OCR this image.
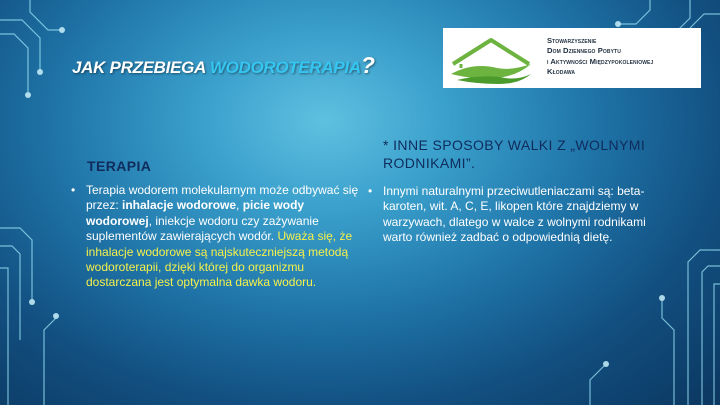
JAK PRZEBIEGA WODOROTERAPIA?
Stowarzyszenie
Dom Dziennego Pobytu
i Aktywności Międzypokoleniowej
Kłodawa
TERAPIA
• Terapia wodorem molekularnym może odbywać się przez: inhalacje wodorowe, picie wody wodorowej, iniekcje wodoru czy zażywanie suplementów zawierających wodór. Uważa się, że inhalacje wodorowe są najskuteczniejszą metodą wodoroterapii, dzięki której do organizmu dostarczana jest optymalna dawka wodoru.
* INNE SPOSOBY WALKI Z „WOLNYMI RODNIKAMI”.
• Innymi naturalnymi przeciwutleniaczami są: beta-karoten, wit. A, C, E, likopen które znajdziemy w warzywach, dlatego w walce z wolnymi rodnikami warto również zadbać o odpowiednią dietę.
